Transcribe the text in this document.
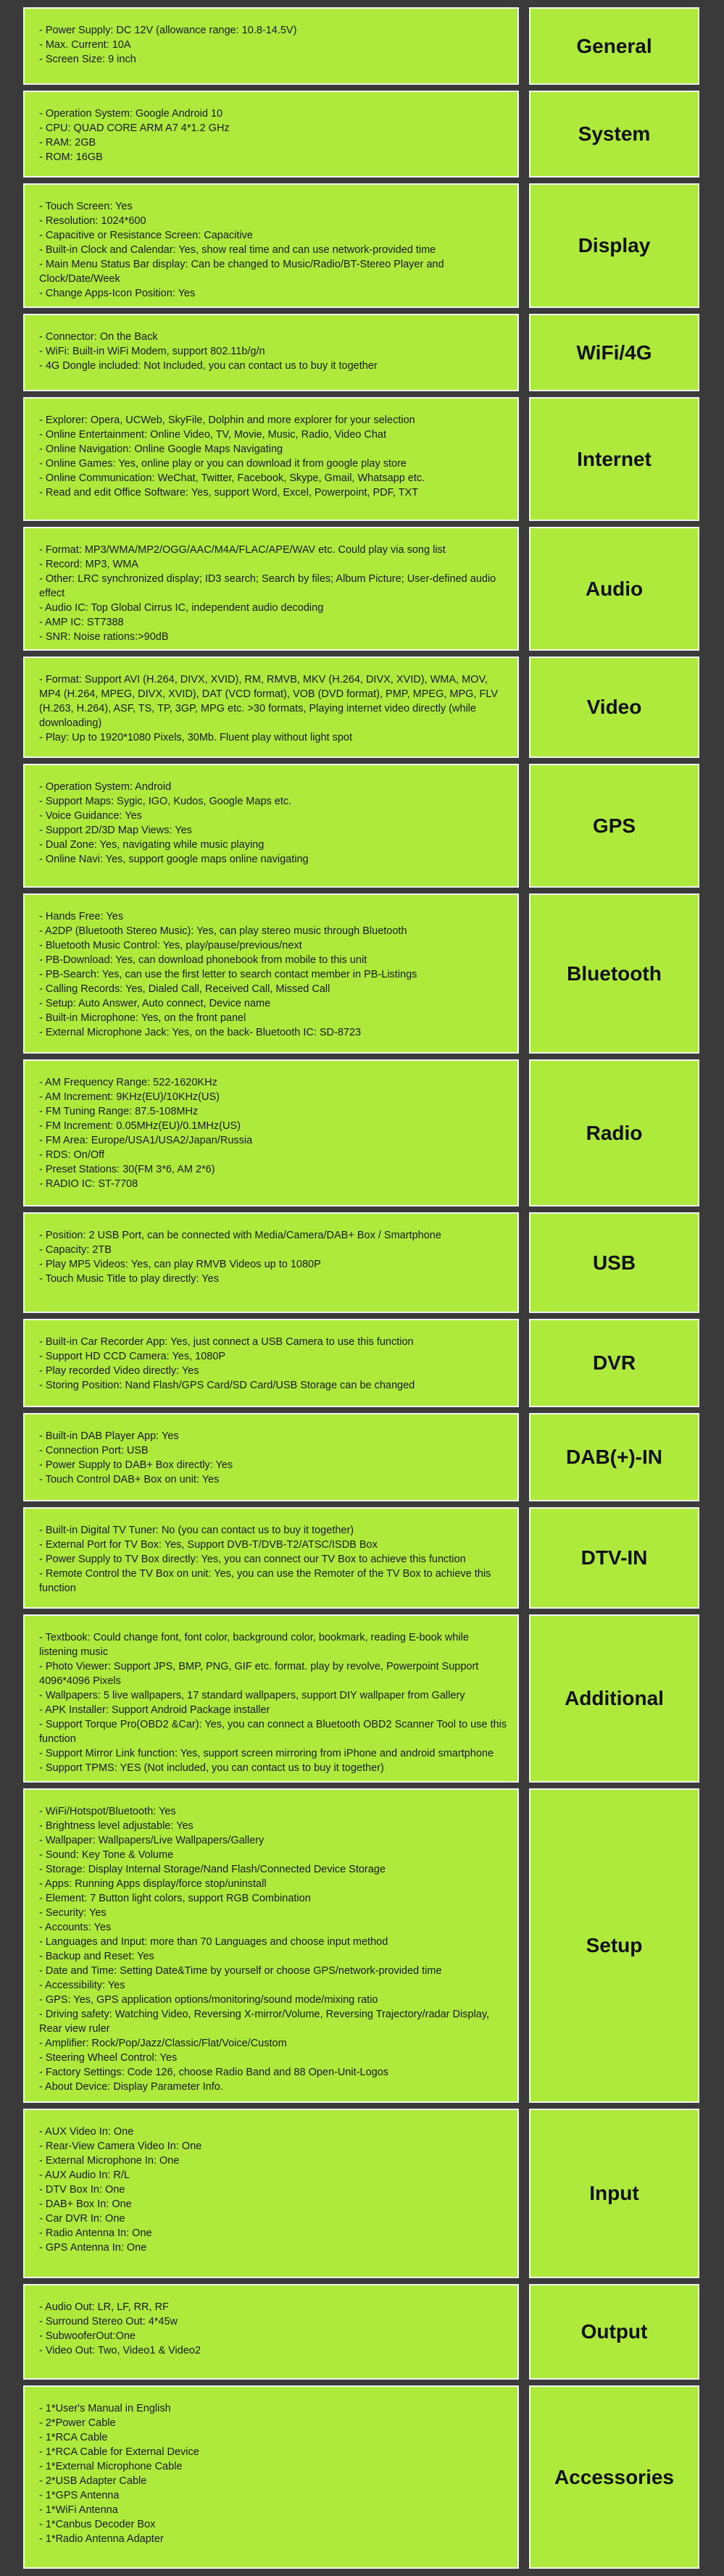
- Power Supply: DC 12V (allowance range: 10.8-14.5V)
- Max. Current: 10A
- Screen Size: 9 inch
General
- Operation System: Google Android 10
- CPU: QUAD CORE ARM A7 4*1.2 GHz
- RAM: 2GB
- ROM: 16GB
System
- Touch Screen: Yes
- Resolution: 1024*600
- Capacitive or Resistance Screen: Capacitive
- Built-in Clock and Calendar: Yes, show real time and can use network-provided time
- Main Menu Status Bar display: Can be changed to Music/Radio/BT-Stereo Player and Clock/Date/Week
- Change Apps-Icon Position: Yes
Display
- Connector: On the Back
- WiFi: Built-in WiFi Modem, support 802.11b/g/n
- 4G Dongle included: Not Included, you can contact us to buy it together
WiFi/4G
- Explorer: Opera, UCWeb, SkyFile, Dolphin and more explorer for your selection
- Online Entertainment: Online Video, TV, Movie, Music, Radio, Video Chat
- Online Navigation: Online Google Maps Navigating
- Online Games: Yes, online play or you can download it from google play store
- Online Communication: WeChat, Twitter, Facebook, Skype, Gmail, Whatsapp etc.
- Read and edit Office Software: Yes, support Word, Excel, Powerpoint, PDF, TXT
Internet
- Format: MP3/WMA/MP2/OGG/AAC/M4A/FLAC/APE/WAV etc. Could play via song list
- Record: MP3, WMA
- Other: LRC synchronized display; ID3 search; Search by files; Album Picture; User-defined audio effect
- Audio IC: Top Global Cirrus IC, independent audio decoding
- AMP IC: ST7388
- SNR: Noise rations:>90dB
Audio
- Format: Support AVI (H.264, DIVX, XVID), RM, RMVB, MKV (H.264, DIVX, XVID), WMA, MOV, MP4 (H.264, MPEG, DIVX, XVID), DAT (VCD format), VOB (DVD format), PMP, MPEG, MPG, FLV (H.263, H.264), ASF, TS, TP, 3GP, MPG etc. >30 formats, Playing internet video directly (while downloading)
- Play: Up to 1920*1080 Pixels, 30Mb. Fluent play without light spot
Video
- Operation System: Android
- Support Maps: Sygic, IGO, Kudos, Google Maps etc.
- Voice Guidance: Yes
- Support 2D/3D Map Views: Yes
- Dual Zone: Yes, navigating while music playing
- Online Navi: Yes, support google maps online navigating
GPS
- Hands Free: Yes
- A2DP (Bluetooth Stereo Music): Yes, can play stereo music through Bluetooth
- Bluetooth Music Control: Yes, play/pause/previous/next
- PB-Download: Yes, can download phonebook from mobile to this unit
- PB-Search: Yes, can use the first letter to search contact member in PB-Listings
- Calling Records: Yes, Dialed Call, Received Call, Missed Call
- Setup: Auto Answer, Auto connect, Device name
- Built-in Microphone: Yes, on the front panel
- External Microphone Jack: Yes, on the back- Bluetooth IC: SD-8723
Bluetooth
- AM Frequency Range: 522-1620KHz
- AM Increment: 9KHz(EU)/10KHz(US)
- FM Tuning Range: 87.5-108MHz
- FM Increment: 0.05MHz(EU)/0.1MHz(US)
- FM Area: Europe/USA1/USA2/Japan/Russia
- RDS: On/Off
- Preset Stations: 30(FM 3*6, AM 2*6)
- RADIO IC: ST-7708
Radio
- Position: 2 USB Port, can be connected with Media/Camera/DAB+ Box / Smartphone
- Capacity: 2TB
- Play MP5 Videos: Yes, can play RMVB Videos up to 1080P
- Touch Music Title to play directly: Yes
USB
- Built-in Car Recorder App: Yes, just connect a USB Camera to use this function
- Support HD CCD Camera: Yes, 1080P
- Play recorded Video directly: Yes
- Storing Position: Nand Flash/GPS Card/SD Card/USB Storage can be changed
DVR
- Built-in DAB Player App: Yes
- Connection Port: USB
- Power Supply to DAB+ Box directly: Yes
- Touch Control DAB+ Box on unit: Yes
DAB(+)-IN
- Built-in Digital TV Tuner: No (you can contact us to buy it together)
- External Port for TV Box: Yes, Support DVB-T/DVB-T2/ATSC/ISDB Box
- Power Supply to TV Box directly: Yes, you can connect our TV Box to achieve this function
- Remote Control the TV Box on unit: Yes, you can use the Remoter of the TV Box to achieve this function
DTV-IN
- Textbook: Could change font, font color, background color, bookmark, reading E-book while listening music
- Photo Viewer: Support JPS, BMP, PNG, GIF etc. format. play by revolve, Powerpoint Support 4096*4096 Pixels
- Wallpapers: 5 live wallpapers, 17 standard wallpapers, support DIY wallpaper from Gallery
- APK Installer: Support Android Package installer
- Support Torque Pro(OBD2 &Car): Yes, you can connect a Bluetooth OBD2 Scanner Tool to use this function
- Support Mirror Link function: Yes, support screen mirroring from iPhone and android smartphone
- Support TPMS: YES (Not included, you can contact us to buy it together)
Additional
- WiFi/Hotspot/Bluetooth: Yes
- Brightness level adjustable: Yes
- Wallpaper: Wallpapers/Live Wallpapers/Gallery
- Sound: Key Tone & Volume
- Storage: Display Internal Storage/Nand Flash/Connected Device Storage
- Apps: Running Apps display/force stop/uninstall
- Element: 7 Button light colors, support RGB Combination
- Security: Yes
- Accounts: Yes
- Languages and Input: more than 70 Languages and choose input method
- Backup and Reset: Yes
- Date and Time: Setting Date&Time by yourself or choose GPS/network-provided time
- Accessibility: Yes
- GPS: Yes, GPS application options/monitoring/sound mode/mixing ratio
- Driving safety: Watching Video, Reversing X-mirror/Volume, Reversing Trajectory/radar Display, Rear view ruler
- Amplifier: Rock/Pop/Jazz/Classic/Flat/Voice/Custom
- Steering Wheel Control: Yes
- Factory Settings: Code 126, choose Radio Band and 88 Open-Unit-Logos
- About Device: Display Parameter Info.
Setup
- AUX Video In: One
- Rear-View Camera Video In: One
- External Microphone In: One
- AUX Audio In: R/L
- DTV Box In: One
- DAB+ Box In: One
- Car DVR In: One
- Radio Antenna In: One
- GPS Antenna In: One
Input
- Audio Out: LR, LF, RR, RF
- Surround Stereo Out: 4*45w
- SubwooferOut:One
- Video Out: Two, Video1 & Video2
Output
- 1*User's Manual in English
- 2*Power Cable
- 1*RCA Cable
- 1*RCA Cable for External Device
- 1*External Microphone Cable
- 2*USB Adapter Cable
- 1*GPS Antenna
- 1*WiFi Antenna
- 1*Canbus Decoder Box
- 1*Radio Antenna Adapter
Accessories
